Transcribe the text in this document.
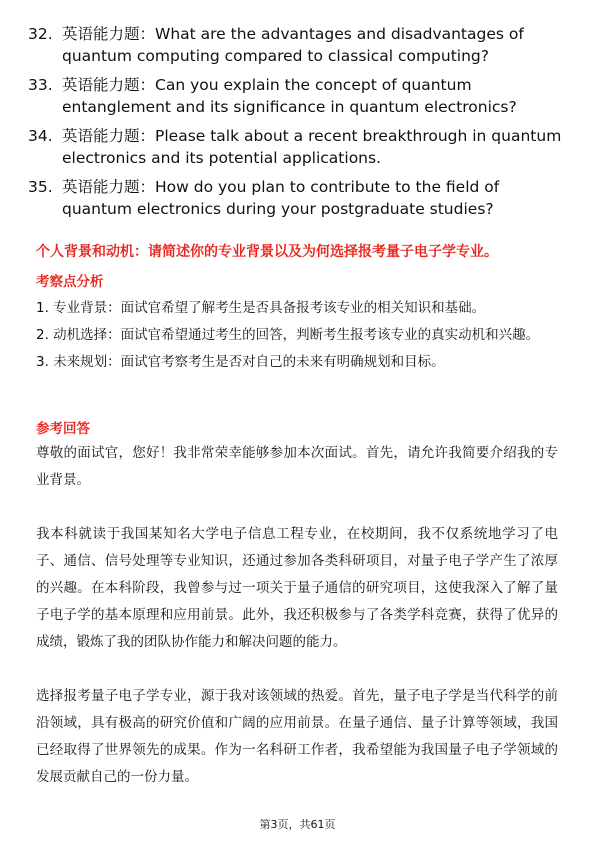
32. 英语能力题：What are the advantages and disadvantages of quantum computing compared to classical computing?
33. 英语能力题：Can you explain the concept of quantum entanglement and its significance in quantum electronics?
34. 英语能力题：Please talk about a recent breakthrough in quantum electronics and its potential applications.
35. 英语能力题：How do you plan to contribute to the field of quantum electronics during your postgraduate studies?
个人背景和动机：请简述你的专业背景以及为何选择报考量子电子学专业。
考察点分析

1. 专业背景：面试官希望了解考生是否具备报考该专业的相关知识和基础。

2. 动机选择：面试官希望通过考生的回答，判断考生报考该专业的真实动机和兴趣。

3. 未来规划：面试官考察考生是否对自己的未来有明确规划和目标。

参考回答

尊敬的面试官，您好！我非常荣幸能够参加本次面试。首先，请允许我简要介绍我的专业背景。

我本科就读于我国某知名大学电子信息工程专业，在校期间，我不仅系统地学习了电子、通信、信号处理等专业知识，还通过参加各类科研项目，对量子电子学产生了浓厚的兴趣。在本科阶段，我曾参与过一项关于量子通信的研究项目，这使我深入了解了量子电子学的基本原理和应用前景。此外，我还积极参与了各类学科竞赛，获得了优异的成绩，锻炼了我的团队协作能力和解决问题的能力。

选择报考量子电子学专业，源于我对该领域的热爱。首先，量子电子学是当代科学的前沿领域，具有极高的研究价值和广阔的应用前景。在量子通信、量子计算等领域，我国已经取得了世界领先的成果。作为一名科研工作者，我希望能为我国量子电子学领域的发展贡献自己的一份力量。

第3页，共61页
